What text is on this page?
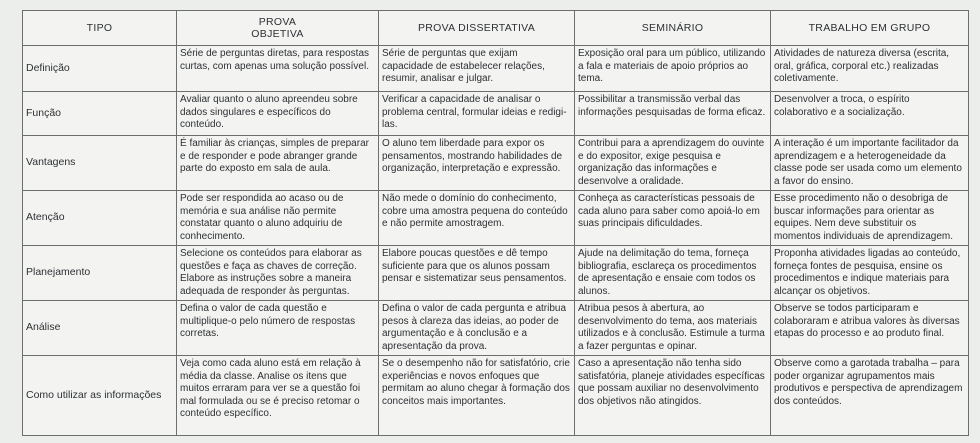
TIPO	PROVA OBJETIVA	PROVA DISSERTATIVA	SEMINÁRIO	TRABALHO EM GRUPO
Definição	Série de perguntas diretas, para respostas curtas, com apenas uma solução possível.	Série de perguntas que exijam capacidade de estabelecer relações, resumir, analisar e julgar.	Exposição oral para um público, utilizando a fala e materiais de apoio próprios ao tema.	Atividades de natureza diversa (escrita, oral, gráfica, corporal etc.) realizadas coletivamente.
Função	Avaliar quanto o aluno apreendeu sobre dados singulares e específicos do conteúdo.	Verificar a capacidade de analisar o problema central, formular ideias e redigi-las.	Possibilitar a transmissão verbal das informações pesquisadas de forma eficaz.	Desenvolver a troca, o espírito colaborativo e a socialização.
Vantagens	É familiar às crianças, simples de preparar e de responder e pode abranger grande parte do exposto em sala de aula.	O aluno tem liberdade para expor os pensamentos, mostrando habilidades de organização, interpretação e expressão.	Contribui para a aprendizagem do ouvinte e do expositor, exige pesquisa e organização das informações e desenvolve a oralidade.	A interação é um importante facilitador da aprendizagem e a heterogeneidade da classe pode ser usada como um elemento a favor do ensino.
Atenção	Pode ser respondida ao acaso ou de memória e sua análise não permite constatar quanto o aluno adquiriu de conhecimento.	Não mede o domínio do conhecimento, cobre uma amostra pequena do conteúdo e não permite amostragem.	Conheça as características pessoais de cada aluno para saber como apoiá-lo em suas principais dificuldades.	Esse procedimento não o desobriga de buscar informações para orientar as equipes. Nem deve substituir os momentos individuais de aprendizagem.
Planejamento	Selecione os conteúdos para elaborar as questões e faça as chaves de correção. Elabore as instruções sobre a maneira adequada de responder às perguntas.	Elabore poucas questões e dê tempo suficiente para que os alunos possam pensar e sistematizar seus pensamentos.	Ajude na delimitação do tema, forneça bibliografia, esclareça os procedimentos de apresentação e ensaie com todos os alunos.	Proponha atividades ligadas ao conteúdo, forneça fontes de pesquisa, ensine os procedimentos e indique materiais para alcançar os objetivos.
Análise	Defina o valor de cada questão e multiplique-o pelo número de respostas corretas.	Defina o valor de cada pergunta e atribua pesos à clareza das ideias, ao poder de argumentação e à conclusão e a apresentação da prova.	Atribua pesos à abertura, ao desenvolvimento do tema, aos materiais utilizados e à conclusão. Estimule a turma a fazer perguntas e opinar.	Observe se todos participaram e colaboraram e atribua valores às diversas etapas do processo e ao produto final.
Como utilizar as informações	Veja como cada aluno está em relação à média da classe. Analise os itens que muitos erraram para ver se a questão foi mal formulada ou se é preciso retomar o conteúdo específico.	Se o desempenho não for satisfatório, crie experiências e novos enfoques que permitam ao aluno chegar à formação dos conceitos mais importantes.	Caso a apresentação não tenha sido satisfatória, planeje atividades específicas que possam auxiliar no desenvolvimento dos objetivos não atingidos.	Observe como a garotada trabalha – para poder organizar agrupamentos mais produtivos e perspectiva de aprendizagem dos conteúdos.
